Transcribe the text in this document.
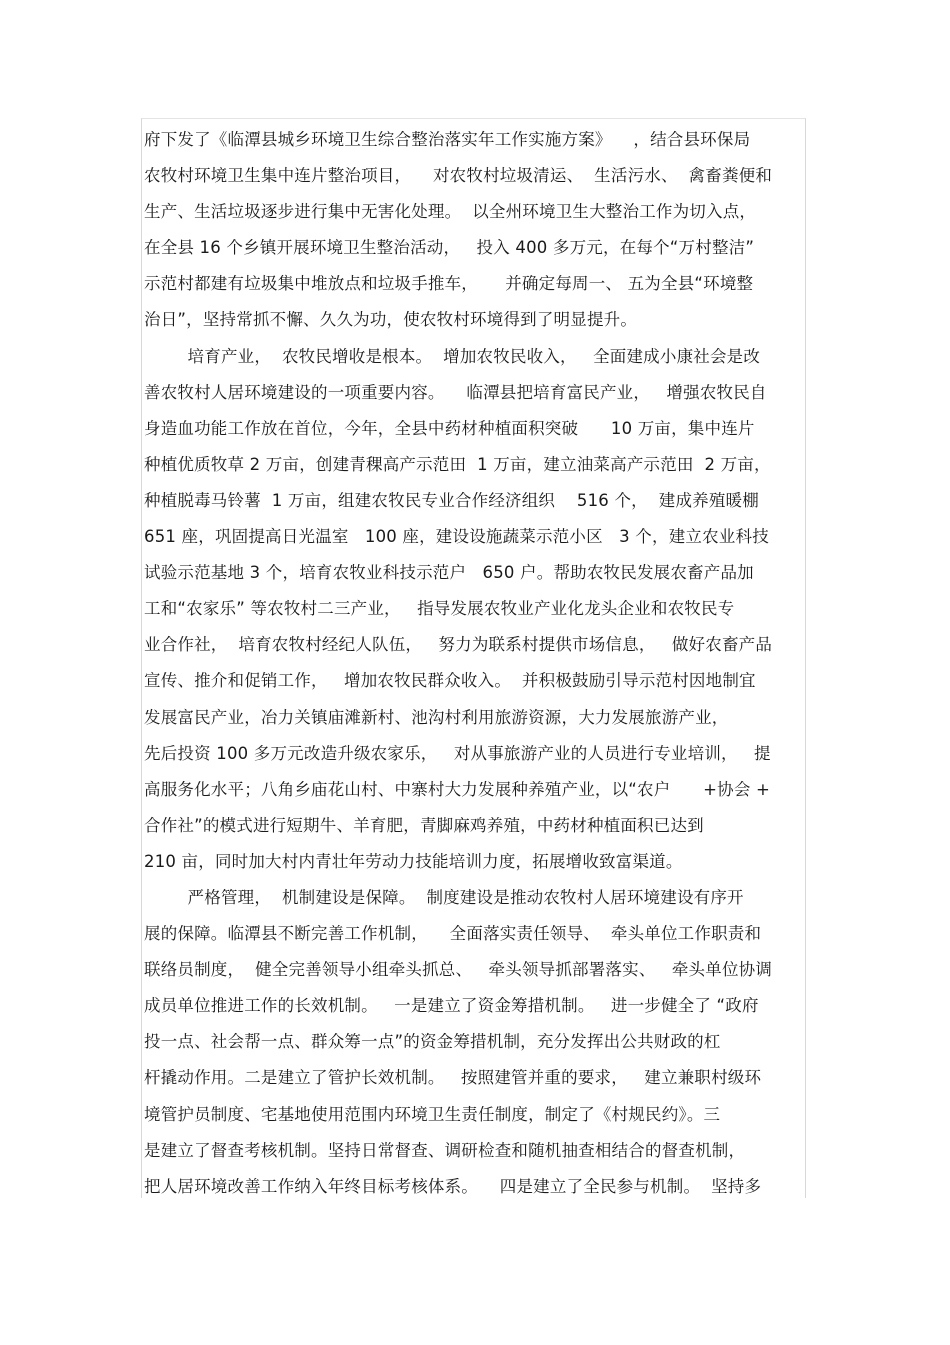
府下发了《临潭县城乡环境卫生综合整治落实年工作实施方案》    ，结合县环保局
农牧村环境卫生集中连片整治项目，    对农牧村垃圾清运、  生活污水、  禽畜粪便和
生产、生活垃圾逐步进行集中无害化处理。  以全州环境卫生大整治工作为切入点，
在全县 16 个乡镇开展环境卫生整治活动，   投入 400 多万元，在每个“万村整洁”
示范村都建有垃圾集中堆放点和垃圾手推车，     并确定每周一、 五为全县“环境整
治日”，坚持常抓不懈、久久为功，使农牧村环境得到了明显提升。
培育产业，  农牧民增收是根本。  增加农牧民收入，   全面建成小康社会是改
善农牧村人居环境建设的一项重要内容。    临潭县把培育富民产业，   增强农牧民自
身造血功能工作放在首位，今年，全县中药材种植面积突破      10 万亩，集中连片
种植优质牧草 2 万亩，创建青稞高产示范田  1 万亩，建立油菜高产示范田  2 万亩，
种植脱毒马铃薯  1 万亩，组建农牧民专业合作经济组织    516 个，  建成养殖暖棚
651 座，巩固提高日光温室   100 座，建设设施蔬菜示范小区   3 个，建立农业科技
试验示范基地 3 个，培育农牧业科技示范户   650 户。帮助农牧民发展农畜产品加
工和“农家乐” 等农牧村二三产业，   指导发展农牧业产业化龙头企业和农牧民专
业合作社，  培育农牧村经纪人队伍，   努力为联系村提供市场信息，   做好农畜产品
宣传、推介和促销工作，   增加农牧民群众收入。  并积极鼓励引导示范村因地制宜
发展富民产业，冶力关镇庙滩新村、池沟村利用旅游资源，大力发展旅游产业，
先后投资 100 多万元改造升级农家乐，   对从事旅游产业的人员进行专业培训，   提
高服务化水平；八角乡庙花山村、中寨村大力发展种养殖产业，以“农户      +协会 +
合作社”的模式进行短期牛、羊育肥，青脚麻鸡养殖，中药材种植面积已达到
210 亩，同时加大村内青壮年劳动力技能培训力度，拓展增收致富渠道。
严格管理，  机制建设是保障。  制度建设是推动农牧村人居环境建设有序开
展的保障。临潭县不断完善工作机制，    全面落实责任领导、  牵头单位工作职责和
联络员制度，  健全完善领导小组牵头抓总、   牵头领导抓部署落实、   牵头单位协调
成员单位推进工作的长效机制。   一是建立了资金筹措机制。   进一步健全了 “政府
投一点、社会帮一点、群众筹一点”的资金筹措机制，充分发挥出公共财政的杠
杆撬动作用。二是建立了管护长效机制。   按照建管并重的要求，   建立兼职村级环
境管护员制度、宅基地使用范围内环境卫生责任制度，制定了《村规民约》。三
是建立了督查考核机制。坚持日常督查、调研检查和随机抽查相结合的督查机制，
把人居环境改善工作纳入年终目标考核体系。    四是建立了全民参与机制。  坚持多
